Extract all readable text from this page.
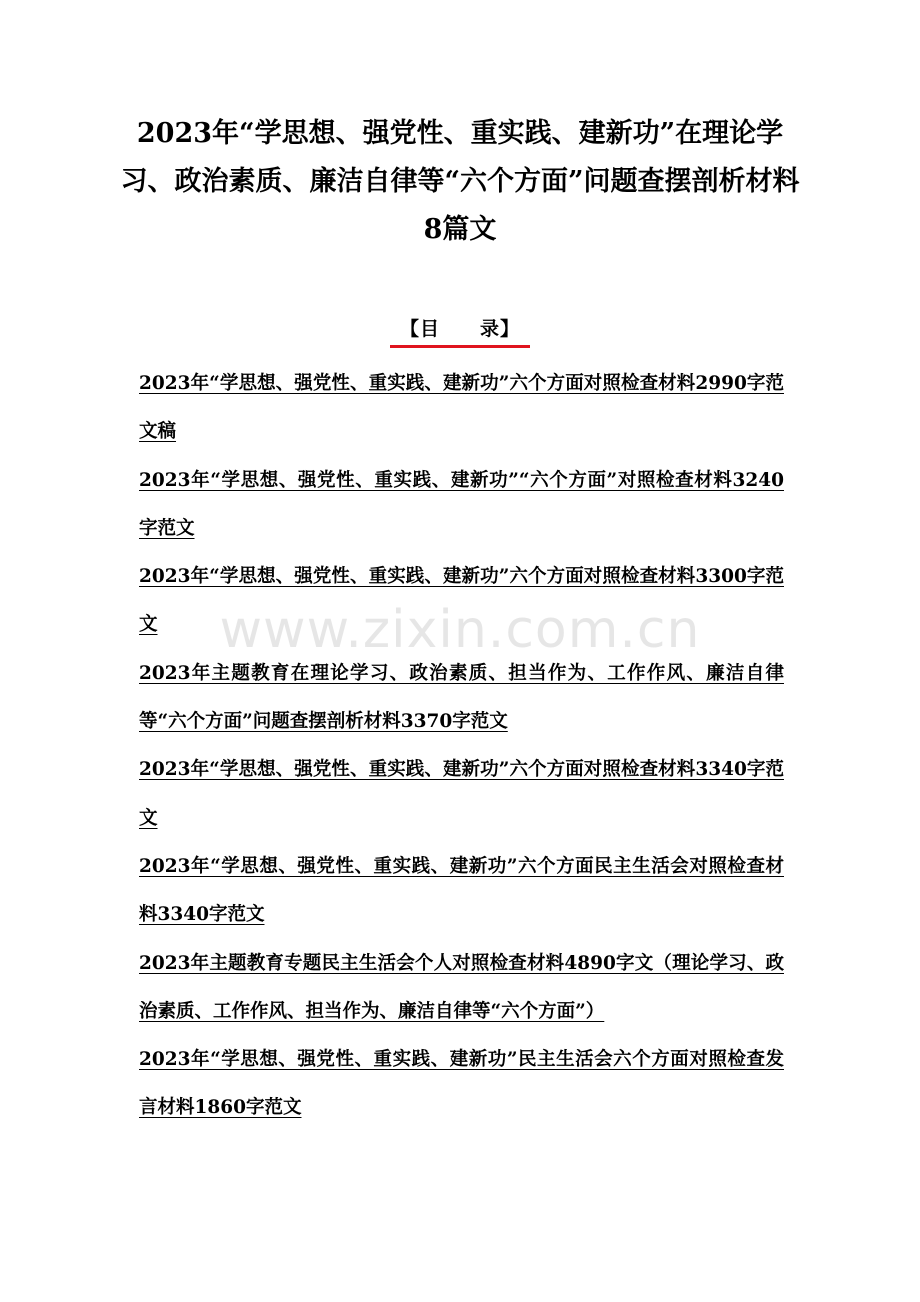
2023年“学思想、强党性、重实践、建新功”在理论学习、政治素质、廉洁自律等“六个方面”问题查摆剖析材料8篇文
【目　　录】
2023年“学思想、强党性、重实践、建新功”六个方面对照检查材料2990字范文稿
2023年“学思想、强党性、重实践、建新功”“六个方面”对照检查材料3240字范文
2023年“学思想、强党性、重实践、建新功”六个方面对照检查材料3300字范文
2023年主题教育在理论学习、政治素质、担当作为、工作作风、廉洁自律等“六个方面”问题查摆剖析材料3370字范文
2023年“学思想、强党性、重实践、建新功”六个方面对照检查材料3340字范文
2023年“学思想、强党性、重实践、建新功”六个方面民主生活会对照检查材料3340字范文
2023年主题教育专题民主生活会个人对照检查材料4890字文（理论学习、政治素质、工作作风、担当作为、廉洁自律等“六个方面”）
2023年“学思想、强党性、重实践、建新功”民主生活会六个方面对照检查发言材料1860字范文
www.zixin.com.cn
